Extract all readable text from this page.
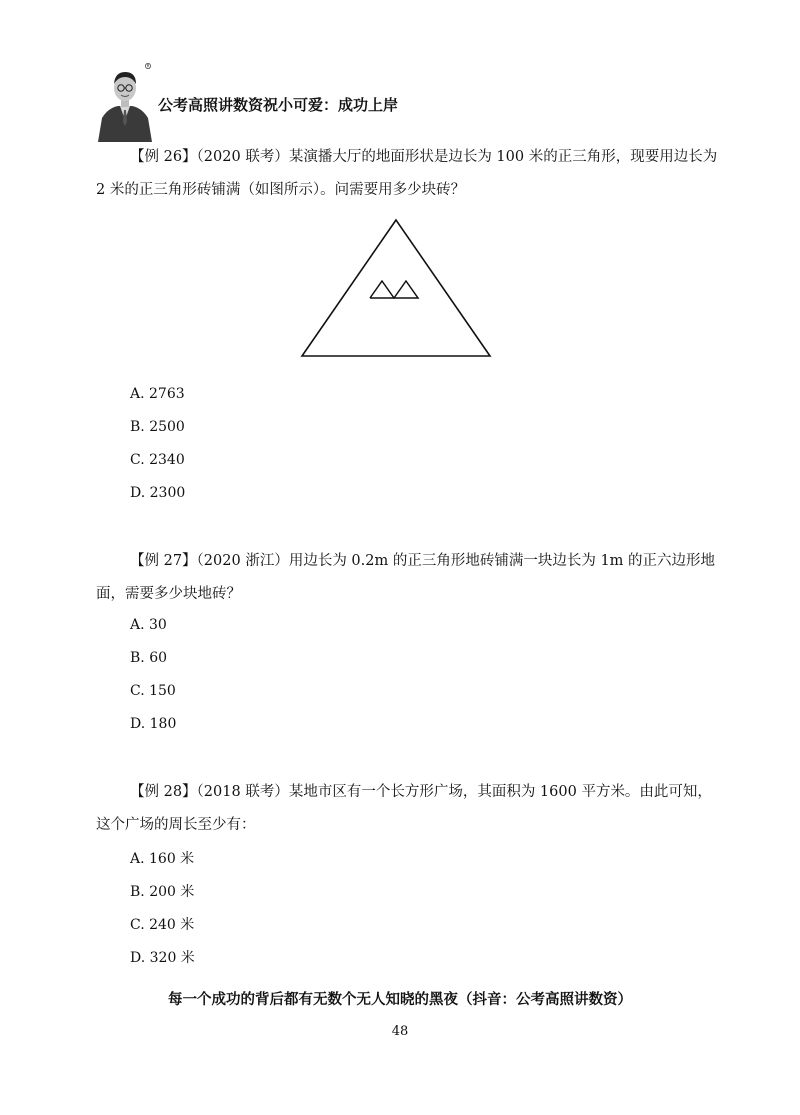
R
公考高照讲数资祝小可爱：成功上岸
【例 26】（2020 联考）某演播大厅的地面形状是边长为 100 米的正三角形，现要用边长为
2 米的正三角形砖铺满（如图所示）。问需要用多少块砖？
A. 2763
B. 2500
C. 2340
D. 2300
【例 27】（2020 浙江）用边长为 0.2m 的正三角形地砖铺满一块边长为 1m 的正六边形地
面，需要多少块地砖？
A. 30
B. 60
C. 150
D. 180
【例 28】（2018 联考）某地市区有一个长方形广场，其面积为 1600 平方米。由此可知，
这个广场的周长至少有：
A. 160 米
B. 200 米
C. 240 米
D. 320 米
每一个成功的背后都有无数个无人知晓的黑夜（抖音：公考高照讲数资）
48
